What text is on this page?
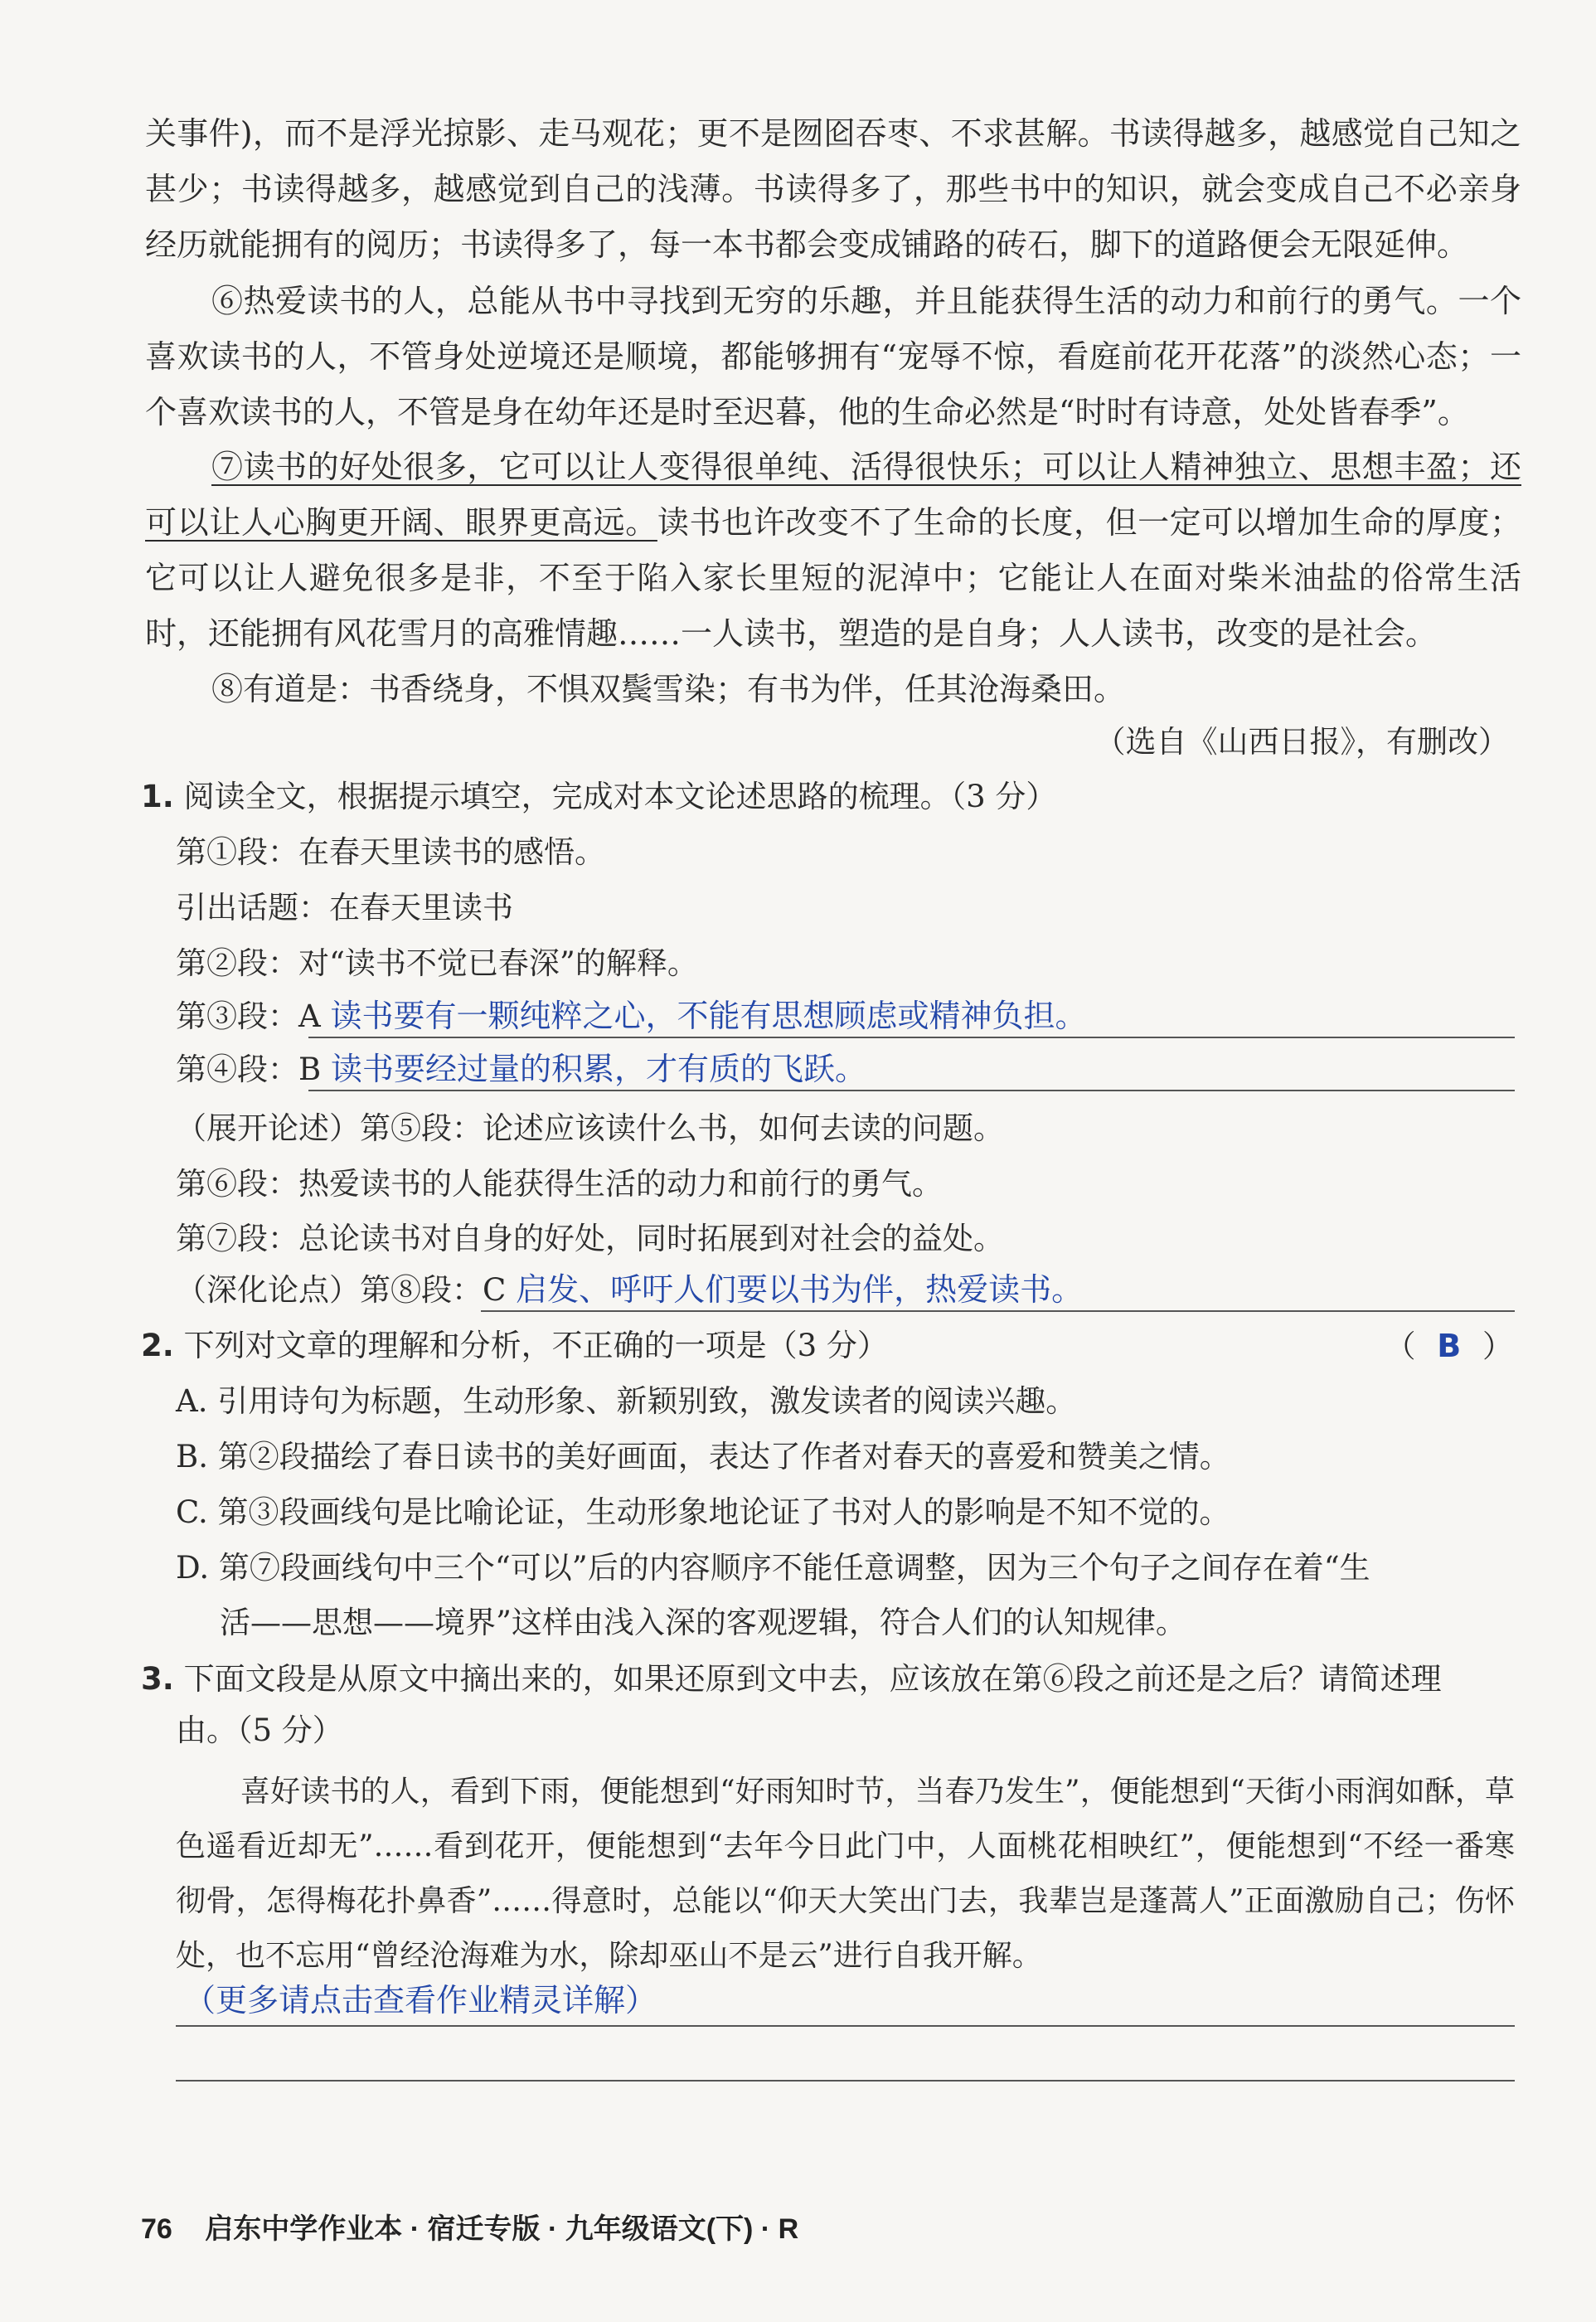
关事件)，而不是浮光掠影、走马观花；更不是囫囵吞枣、不求甚解。书读得越多，越感觉自己知之甚少；书读得越多，越感觉到自己的浅薄。书读得多了，那些书中的知识，就会变成自己不必亲身经历就能拥有的阅历；书读得多了，每一本书都会变成铺路的砖石，脚下的道路便会无限延伸。
⑥热爱读书的人，总能从书中寻找到无穷的乐趣，并且能获得生活的动力和前行的勇气。一个喜欢读书的人，不管身处逆境还是顺境，都能够拥有“宠辱不惊，看庭前花开花落”的淡然心态；一个喜欢读书的人，不管是身在幼年还是时至迟暮，他的生命必然是“时时有诗意，处处皆春季”。
⑦读书的好处很多，它可以让人变得很单纯、活得很快乐；可以让人精神独立、思想丰盈；还可以让人心胸更开阔、眼界更高远。读书也许改变不了生命的长度，但一定可以增加生命的厚度；它可以让人避免很多是非，不至于陷入家长里短的泥淖中；它能让人在面对柴米油盐的俗常生活时，还能拥有风花雪月的高雅情趣……一人读书，塑造的是自身；人人读书，改变的是社会。
⑧有道是：书香绕身，不惧双鬓雪染；有书为伴，任其沧海桑田。
（选自《山西日报》，有删改）
1. 阅读全文，根据提示填空，完成对本文论述思路的梳理。（3 分）
第①段：在春天里读书的感悟。
引出话题：在春天里读书
第②段：对“读书不觉已春深”的解释。
第③段：A 读书要有一颗纯粹之心，不能有思想顾虑或精神负担。
第④段：B 读书要经过量的积累，才有质的飞跃。
（展开论述）第⑤段：论述应该读什么书，如何去读的问题。
第⑥段：热爱读书的人能获得生活的动力和前行的勇气。
第⑦段：总论读书对自身的好处，同时拓展到对社会的益处。
（深化论点）第⑧段：C 启发、呼吁人们要以书为伴，热爱读书。
2. 下列对文章的理解和分析，不正确的一项是（3 分）	（ B ）
A. 引用诗句为标题，生动形象、新颖别致，激发读者的阅读兴趣。
B. 第②段描绘了春日读书的美好画面，表达了作者对春天的喜爱和赞美之情。
C. 第③段画线句是比喻论证，生动形象地论证了书对人的影响是不知不觉的。
D. 第⑦段画线句中三个“可以”后的内容顺序不能任意调整，因为三个句子之间存在着“生
活——思想——境界”这样由浅入深的客观逻辑，符合人们的认知规律。
3. 下面文段是从原文中摘出来的，如果还原到文中去，应该放在第⑥段之前还是之后？请简述理
由。（5 分）
喜好读书的人，看到下雨，便能想到“好雨知时节，当春乃发生”，便能想到“天街小雨润如酥，草色遥看近却无”……看到花开，便能想到“去年今日此门中，人面桃花相映红”，便能想到“不经一番寒彻骨，怎得梅花扑鼻香”……得意时，总能以“仰天大笑出门去，我辈岂是蓬蒿人”正面激励自己；伤怀处，也不忘用“曾经沧海难为水，除却巫山不是云”进行自我开解。
（更多请点击查看作业精灵详解）
76 启东中学作业本 · 宿迁专版 · 九年级语文(下) · R
